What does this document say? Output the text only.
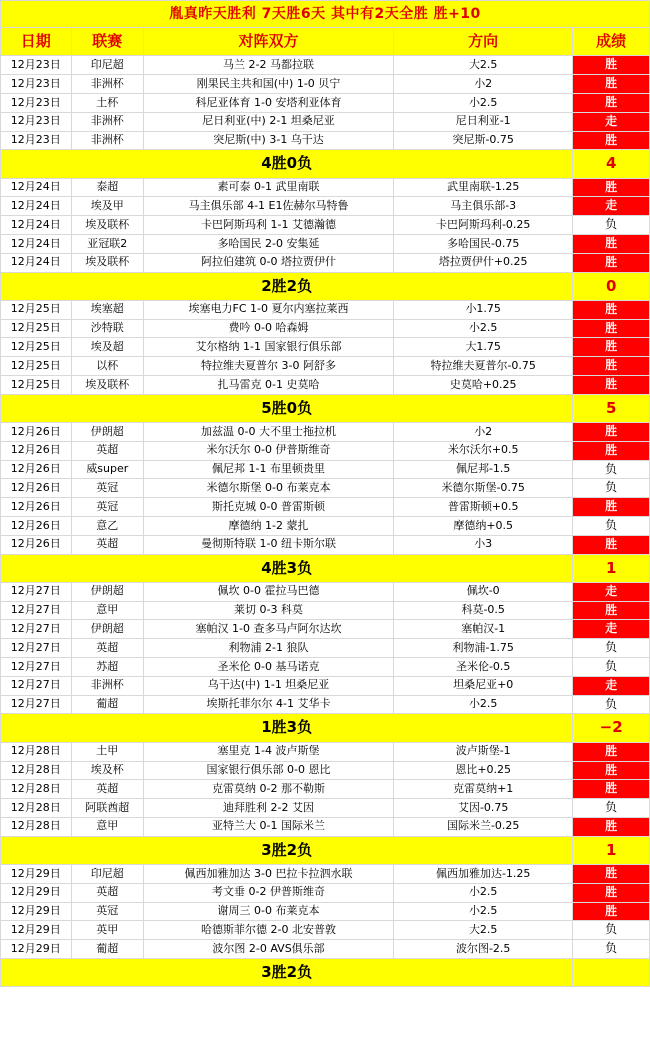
胤真昨天胜利 7天胜6天 其中有2天全胜 胜+10				
日期	联赛	对阵双方	方向	成绩
12月23日	印尼超	马兰 2-2 马都拉联	大2.5	胜
12月23日	非洲杯	刚果民主共和国(中) 1-0 贝宁	小2	胜
12月23日	土杯	科尼亚体育 1-0 安塔利亚体育	小2.5	胜
12月23日	非洲杯	尼日利亚(中) 2-1 坦桑尼亚	尼日利亚-1	走
12月23日	非洲杯	突尼斯(中) 3-1 乌干达	突尼斯-0.75	胜
4胜0负				4
12月24日	泰超	素可泰 0-1 武里南联	武里南联-1.25	胜
12月24日	埃及甲	马主俱乐部 4-1 E1佐赫尔马特鲁	马主俱乐部-3	走
12月24日	埃及联杯	卡巴阿斯玛利 1-1 艾德瀚德	卡巴阿斯玛利-0.25	负
12月24日	亚冠联2	多哈国民 2-0 安集延	多哈国民-0.75	胜
12月24日	埃及联杯	阿拉伯建筑 0-0 塔拉贾伊什	塔拉贾伊什+0.25	胜
2胜2负				0
12月25日	埃塞超	埃塞电力FC 1-0 夏尔内塞拉莱西	小1.75	胜
12月25日	沙特联	费吟 0-0 哈森姆	小2.5	胜
12月25日	埃及超	艾尔格纳 1-1 国家银行俱乐部	大1.75	胜
12月25日	以杯	特拉维夫夏普尔 3-0 阿舒多	特拉维夫夏普尔-0.75	胜
12月25日	埃及联杯	扎马雷克 0-1 史莫哈	史莫哈+0.25	胜
5胜0负				5
12月26日	伊朗超	加兹温 0-0 大不里士拖拉机	小2	胜
12月26日	英超	米尔沃尔 0-0 伊普斯维奇	米尔沃尔+0.5	胜
12月26日	威super	佩尼邦 1-1 布里顿贵里	佩尼邦-1.5	负
12月26日	英冠	米德尔斯堡 0-0 布莱克本	米德尔斯堡-0.75	负
12月26日	英冠	斯托克城 0-0 普雷斯顿	普雷斯顿+0.5	胜
12月26日	意乙	摩德纳 1-2 蒙扎	摩德纳+0.5	负
12月26日	英超	曼彻斯特联 1-0 纽卡斯尔联	小3	胜
4胜3负				1
12月27日	伊朗超	佩坎 0-0 霍拉马巴德	佩坎-0	走
12月27日	意甲	莱切 0-3 科莫	科莫-0.5	胜
12月27日	伊朗超	塞帕汉 1-0 查多马卢阿尔达坎	塞帕汉-1	走
12月27日	英超	利物浦 2-1 狼队	利物浦-1.75	负
12月27日	苏超	圣米伦 0-0 基马诺克	圣米伦-0.5	负
12月27日	非洲杯	乌干达(中) 1-1 坦桑尼亚	坦桑尼亚+0	走
12月27日	葡超	埃斯托菲尔尔 4-1 艾华卡	小2.5	负
1胜3负				−2
12月28日	土甲	塞里克 1-4 波卢斯堡	波卢斯堡-1	胜
12月28日	埃及杯	国家银行俱乐部 0-0 恩比	恩比+0.25	胜
12月28日	英超	克雷莫纳 0-2 那不勒斯	克雷莫纳+1	胜
12月28日	阿联酋超	迪拜胜利 2-2 艾因	艾因-0.75	负
12月28日	意甲	亚特兰大 0-1 国际米兰	国际米兰-0.25	胜
3胜2负				1
12月29日	印尼超	佩西加雅加达 3-0 巴拉卡拉泗水联	佩西加雅加达-1.25	胜
12月29日	英超	考文垂 0-2 伊普斯维奇	小2.5	胜
12月29日	英冠	谢周三 0-0 布莱克本	小2.5	胜
12月29日	英甲	哈德斯菲尔德 2-0 北安普敦	大2.5	负
12月29日	葡超	波尔图 2-0 AVS俱乐部	波尔图-2.5	负
3胜2负				
